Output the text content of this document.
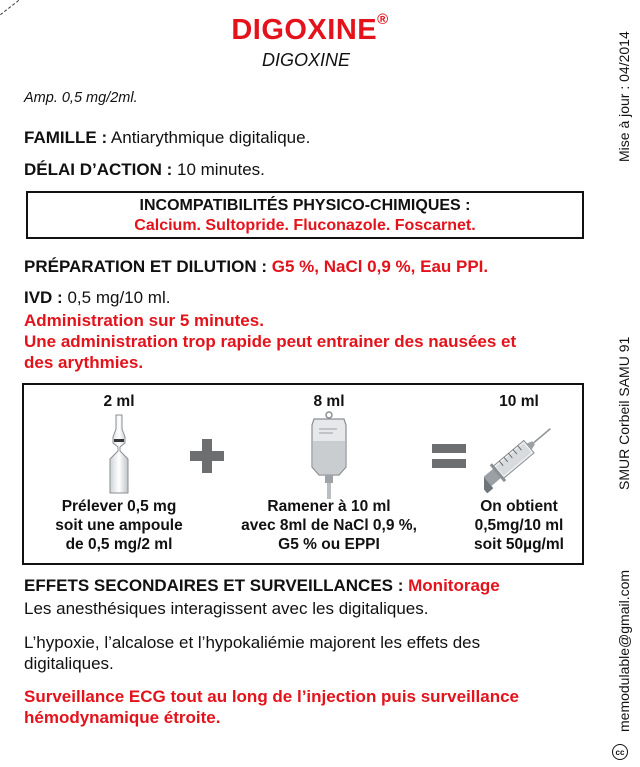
DIGOXINE®
DIGOXINE
Amp. 0,5 mg/2ml.
FAMILLE : Antiarythmique digitalique.
DÉLAI D’ACTION : 10 minutes.
INCOMPATIBILITÉS PHYSICO-CHIMIQUES :
Calcium. Sultopride. Fluconazole. Foscarnet.
PRÉPARATION ET DILUTION : G5 %, NaCl 0,9 %, Eau PPI.
IVD : 0,5 mg/10 ml.
Administration sur 5 minutes.
Une administration trop rapide peut entrainer des nausées et
des arythmies.
2 ml	8 ml	10 ml
Prélever 0,5 mg
soit une ampoule
de 0,5 mg/2 ml
Ramener à 10 ml
avec 8ml de NaCl 0,9 %,
G5 % ou EPPI
On obtient
0,5mg/10 ml
soit 50µg/ml
EFFETS SECONDAIRES ET SURVEILLANCES : Monitorage
Les anesthésiques interagissent avec les digitaliques.
L’hypoxie, l’alcalose et l’hypokaliémie majorent les effets des
digitaliques.
Surveillance ECG tout au long de l’injection puis surveillance
hémodynamique étroite.
Mise à jour : 04/2014
SMUR Corbeil SAMU 91
memodulable@gmail.com
cc
